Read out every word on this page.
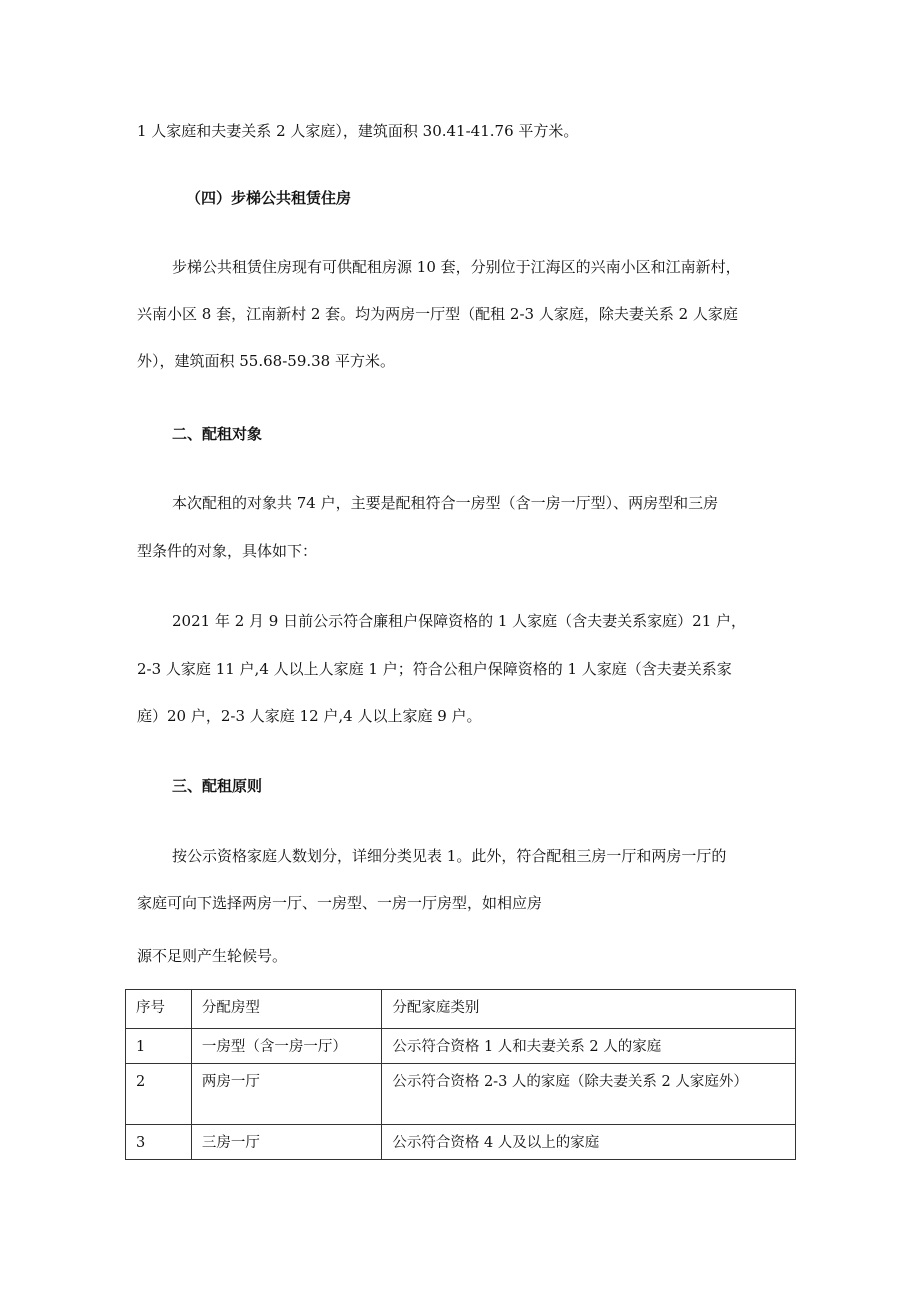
1 人家庭和夫妻关系 2 人家庭），建筑面积 30.41-41.76 平方米。
（四）步梯公共租赁住房
步梯公共租赁住房现有可供配租房源 10 套，分别位于江海区的兴南小区和江南新村，
兴南小区 8 套，江南新村 2 套。均为两房一厅型（配租 2-3 人家庭，除夫妻关系 2 人家庭
外），建筑面积 55.68-59.38 平方米。
二、配租对象
本次配租的对象共 74 户，主要是配租符合一房型（含一房一厅型）、两房型和三房
型条件的对象，具体如下：
2021 年 2 月 9 日前公示符合廉租户保障资格的 1 人家庭（含夫妻关系家庭）21 户，
2-3 人家庭 11 户,4 人以上人家庭 1 户；符合公租户保障资格的 1 人家庭（含夫妻关系家
庭）20 户，2-3 人家庭 12 户,4 人以上家庭 9 户。
三、配租原则
按公示资格家庭人数划分，详细分类见表 1。此外，符合配租三房一厅和两房一厅的
家庭可向下选择两房一厅、一房型、一房一厅房型，如相应房
源不足则产生轮候号。
序号	分配房型	分配家庭类别
1	一房型（含一房一厅）	公示符合资格 1 人和夫妻关系 2 人的家庭
2	两房一厅	公示符合资格 2-3 人的家庭（除夫妻关系 2 人家庭外）
3	三房一厅	公示符合资格 4 人及以上的家庭
